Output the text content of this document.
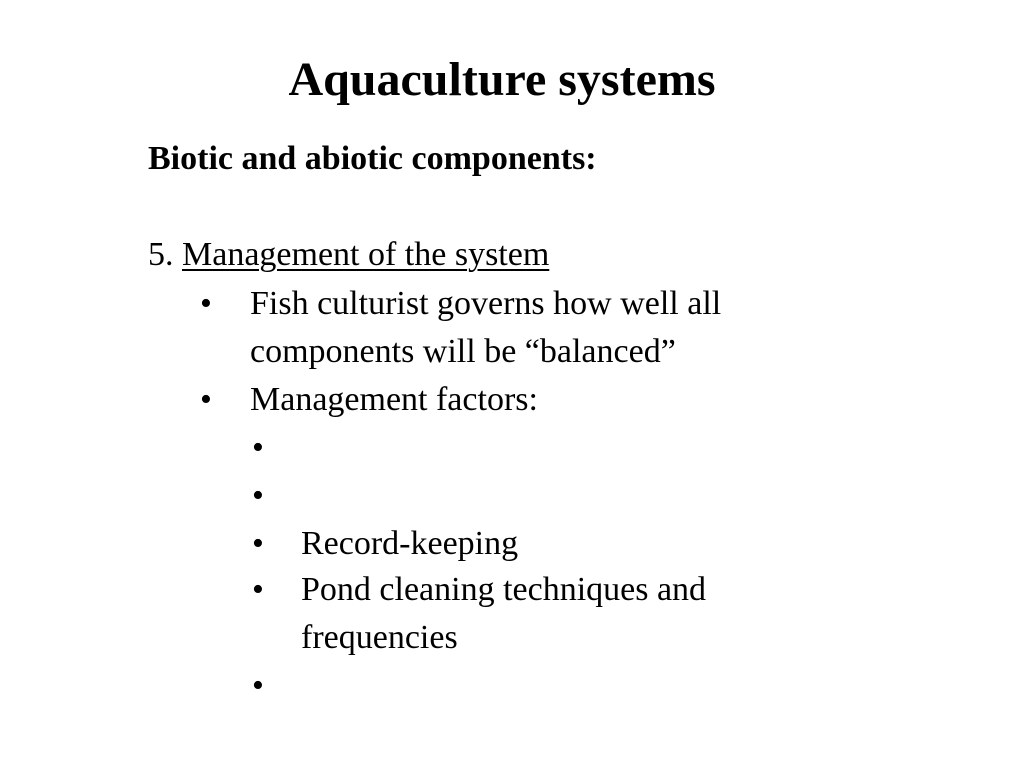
Aquaculture systems
Biotic and abiotic components:
5. Management of the system
• Fish culturist governs how well all
components will be “balanced”
• Management factors:
•
•
• Record-keeping
• Pond cleaning techniques and
frequencies
•
